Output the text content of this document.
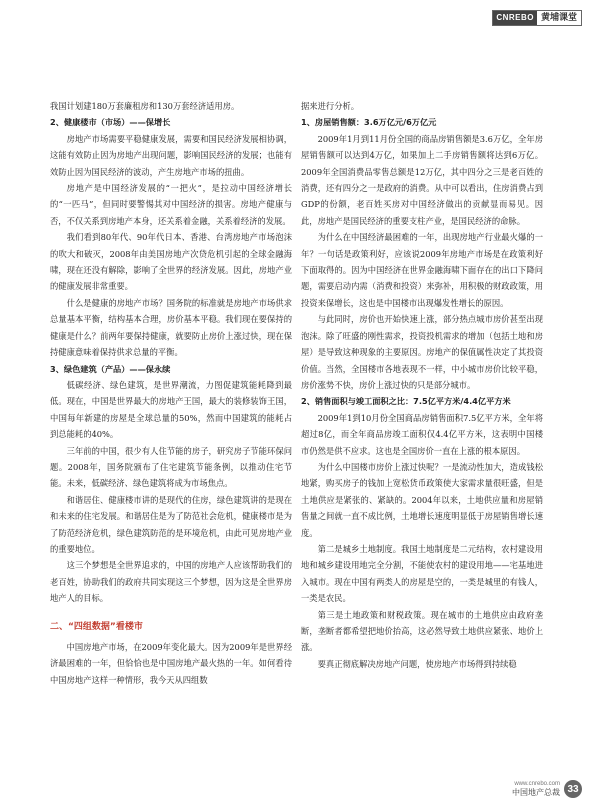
CNREBO 黄埔课堂

我国计划建180万套廉租房和130万套经济适用房。

2、健康楼市（市场）——保增长

房地产市场需要平稳健康发展，需要和国民经济发展相协调，这能有效防止因为房地产出现问题，影响国民经济的发展；也能有效防止因为国民经济的波动，产生房地产市场的扭曲。

房地产是中国经济发展的“一把火”，是拉动中国经济增长的“一匹马”，但同时要警惕其对中国经济的损害。房地产健康与否，不仅关系到房地产本身，还关系着金融，关系着经济的发展。

我们看到80年代、90年代日本、香港、台湾房地产市场泡沫的吹大和破灭，2008年由美国房地产次贷危机引起的全球金融海啸，现在还没有解除，影响了全世界的经济发展。因此，房地产业的健康发展非常重要。

什么是健康的房地产市场？国务院的标准就是房地产市场供求总量基本平衡，结构基本合理，房价基本平稳。我们现在要保持的健康是什么？前两年要保持健康，就要防止房价上涨过快，现在保持健康意味着保持供求总量的平衡。

3、绿色建筑（产品）——保永续

低碳经济、绿色建筑，是世界潮流，力图促建筑能耗降到最低。现在，中国是世界最大的房地产王国，最大的装修装饰王国，中国每年新建的房屋是全球总量的50%，然而中国建筑的能耗占到总能耗的40%。

三年前的中国，很少有人住节能的房子，研究房子节能环保问题。2008年，国务院颁布了住宅建筑节能条例，以推动住宅节能。未来，低碳经济、绿色建筑将成为市场焦点。

和谐居住、健康楼市讲的是现代的住房，绿色建筑讲的是现在和未来的住宅发展。和谐居住是为了防范社会危机，健康楼市是为了防范经济危机，绿色建筑防范的是环境危机，由此可见房地产业的重要地位。

这三个梦想是全世界追求的，中国的房地产人应该帮助我们的老百姓，协助我们的政府共同实现这三个梦想，因为这是全世界房地产人的目标。

二、“四组数据”看楼市

中国房地产市场，在2009年变化最大。因为2009年是世界经济最困难的一年，但恰恰也是中国房地产最火热的一年。如何看待中国房地产这样一种情形，我今天从四组数

据来进行分析。

1、房屋销售额：3.6万亿元/6万亿元

2009年1月到11月份全国的商品房销售额是3.6万亿，全年房屋销售额可以达到4万亿，如果加上二手房销售额将达到6万亿。2009年全国消费品零售总额是12万亿，其中四分之三是老百姓的消费，还有四分之一是政府的消费。从中可以看出，住房消费占到GDP的份额，老百姓买房对中国经济做出的贡献显而易见。因此，房地产是国民经济的重要支柱产业，是国民经济的命脉。

为什么在中国经济最困难的一年，出现房地产行业最火爆的一年？一句话是政策利好，应该说2009年房地产市场是在政策利好下面取得的。因为中国经济在世界金融海啸下面存在的出口下降问题，需要启动内需（消费和投资）来弥补，用积极的财政政策，用投资来保增长，这也是中国楼市出现爆发性增长的原因。

与此同时，房价也开始快速上涨，部分热点城市房价甚至出现泡沫。除了旺盛的刚性需求，投资投机需求的增加（包括土地和房屋）是导致这种现象的主要原因。房地产的保值属性决定了其投资价值。当然，全国楼市各地表现不一样，中小城市房价比较平稳，房价涨势不快，房价上涨过快的只是部分城市。

2、销售面积与竣工面积之比：7.5亿平方米/4.4亿平方米

2009年1到10月份全国商品房销售面积7.5亿平方米，全年将超过8亿，而全年商品房竣工面积仅4.4亿平方米，这表明中国楼市仍然是供不应求。这也是全国房价一直在上涨的根本原因。

为什么中国楼市房价上涨过快呢？一是流动性加大，造成钱松地紧，购买房子的钱加上宽松货币政策使大家需求量很旺盛，但是土地供应是紧张的、紧缺的。2004年以来，土地供应量和房屋销售量之间就一直不成比例，土地增长速度明显低于房屋销售增长速度。

第二是城乡土地制度。我国土地制度是二元结构，农村建设用地和城乡建设用地完全分割，不能使农村的建设用地——宅基地进入城市。现在中国有两类人的房屋是空的，一类是城里的有钱人，一类是农民。

第三是土地政策和财税政策。现在城市的土地供应由政府垄断，垄断者都希望把地价抬高，这必然导致土地供应紧张、地价上涨。

要真正彻底解决房地产问题，使房地产市场得到持续稳

www.cnrebo.com
中国地产总裁 33
